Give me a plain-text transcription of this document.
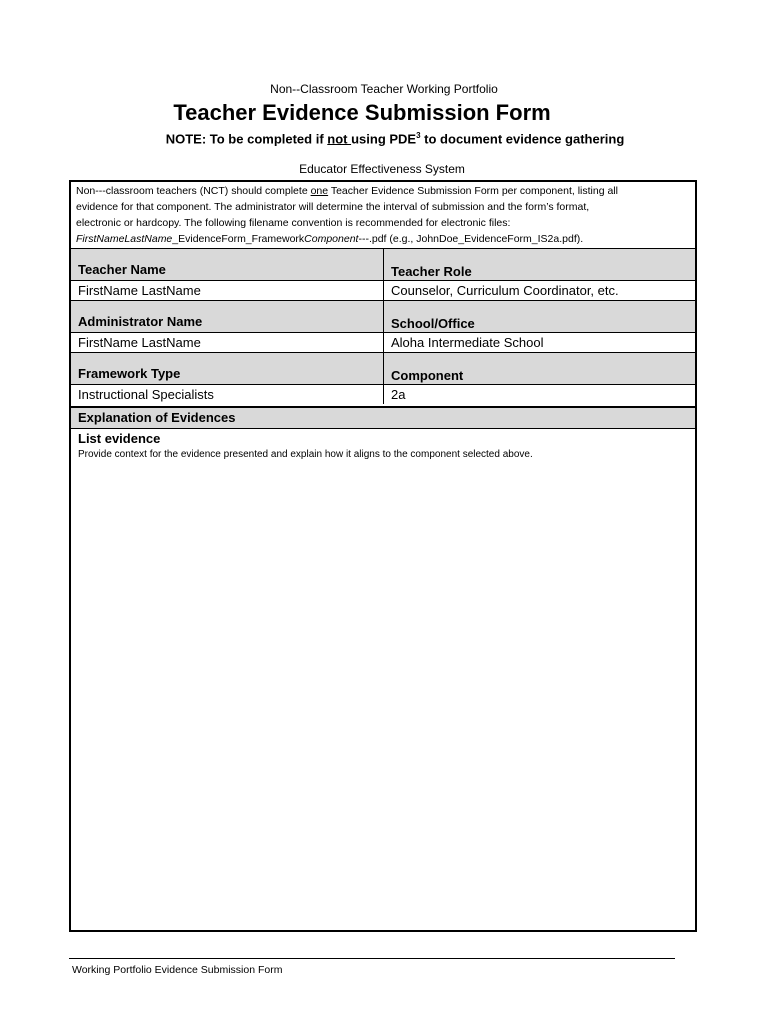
Non--Classroom Teacher Working Portfolio
Teacher Evidence Submission Form
NOTE: To be completed if not using PDE$^3$ to document evidence gathering
Educator Effectiveness System
Non---classroom teachers (NCT) should complete one Teacher Evidence Submission Form per component, listing all
evidence for that component. The administrator will determine the interval of submission and the form’s format,
electronic or hardcopy. The following filename convention is recommended for electronic files:
FirstNameLastName_EvidenceForm_FrameworkComponent---.pdf (e.g., JohnDoe_EvidenceForm_IS2a.pdf).
Teacher Name	Teacher Role
FirstName LastName	Counselor, Curriculum Coordinator, etc.
Administrator Name	School/Office
FirstName LastName	Aloha Intermediate School
Framework Type	Component
Instructional Specialists	2a
Explanation of Evidences
List evidence
Provide context for the evidence presented and explain how it aligns to the component selected above.
Working Portfolio Evidence Submission Form
